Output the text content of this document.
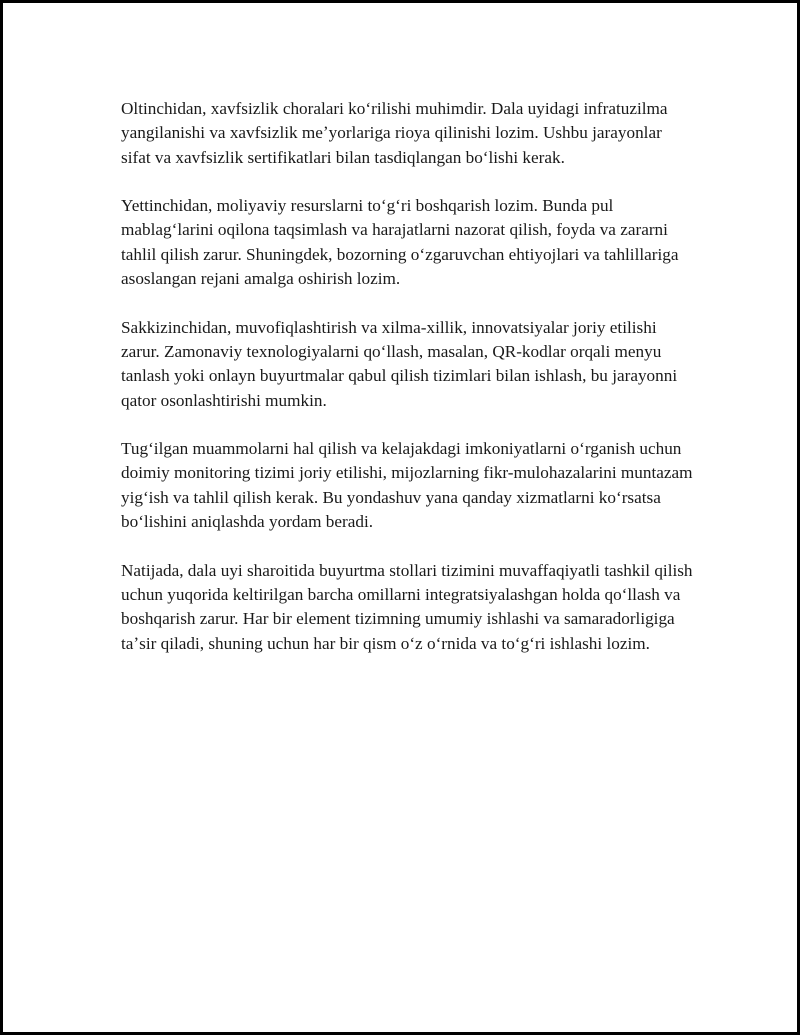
Oltinchidan, xavfsizlik choralari koʻrilishi muhimdir. Dala uyidagi infratuzilma yangilanishi va xavfsizlik meʼyorlariga rioya qilinishi lozim. Ushbu jarayonlar sifat va xavfsizlik sertifikatlari bilan tasdiqlangan boʻlishi kerak.

Yettinchidan, moliyaviy resurslarni toʻgʻri boshqarish lozim. Bunda pul mablagʻlarini oqilona taqsimlash va harajatlarni nazorat qilish, foyda va zararni tahlil qilish zarur. Shuningdek, bozorning oʻzgaruvchan ehtiyojlari va tahlillariga asoslangan rejani amalga oshirish lozim.

Sakkizinchidan, muvofiqlashtirish va xilma-xillik, innovatsiyalar joriy etilishi zarur. Zamonaviy texnologiyalarni qoʻllash, masalan, QR-kodlar orqali menyu tanlash yoki onlayn buyurtmalar qabul qilish tizimlari bilan ishlash, bu jarayonni qator osonlashtirishi mumkin.

Tugʻilgan muammolarni hal qilish va kelajakdagi imkoniyatlarni oʻrganish uchun doimiy monitoring tizimi joriy etilishi, mijozlarning fikr-mulohazalarini muntazam yigʻish va tahlil qilish kerak. Bu yondashuv yana qanday xizmatlarni koʻrsatsa boʻlishini aniqlashda yordam beradi.

Natijada, dala uyi sharoitida buyurtma stollari tizimini muvaffaqiyatli tashkil qilish uchun yuqorida keltirilgan barcha omillarni integratsiyalashgan holda qoʻllash va boshqarish zarur. Har bir element tizimning umumiy ishlashi va samaradorligiga taʼsir qiladi, shuning uchun har bir qism oʻz oʻrnida va toʻgʻri ishlashi lozim.
